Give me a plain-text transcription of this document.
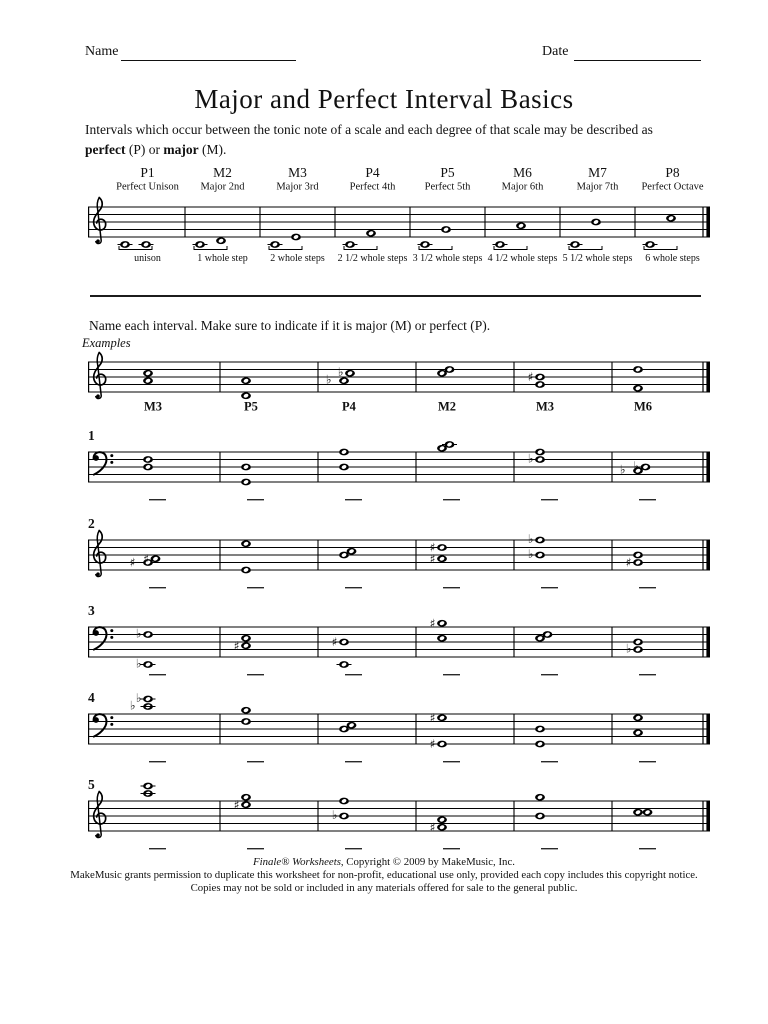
Name	Date
Major and Perfect Interval Basics
Intervals which occur between the tonic note of a scale and each degree of that scale may be described as
perfect (P) or major (M).
P1
Perfect Unison
unison
M2
Major 2nd
1 whole step
M3
Major 3rd
2 whole steps
P4
Perfect 4th
2 1/2 whole steps
P5
Perfect 5th
3 1/2 whole steps
M6
Major 6th
4 1/2 whole steps
M7
Major 7th
5 1/2 whole steps
P8
Perfect Octave
6 whole steps
Name each interval. Make sure to indicate if it is major (M) or perfect (P).
Examples
M3	P5
♭
♭
P4	M2
♯
M3	M6
1
♭
♭ ♭
2
♯ ♯	♯
♯	♭
♭
♯
3
♭
♭
♯	♯
♯
♭
4
♭
♭
♯
♯
5
♯
♭
♯
Finale® Worksheets, Copyright © 2009 by MakeMusic, Inc.
MakeMusic grants permission to duplicate this worksheet for non-profit, educational use only, provided each copy includes this copyright notice.
Copies may not be sold or included in any materials offered for sale to the general public.
